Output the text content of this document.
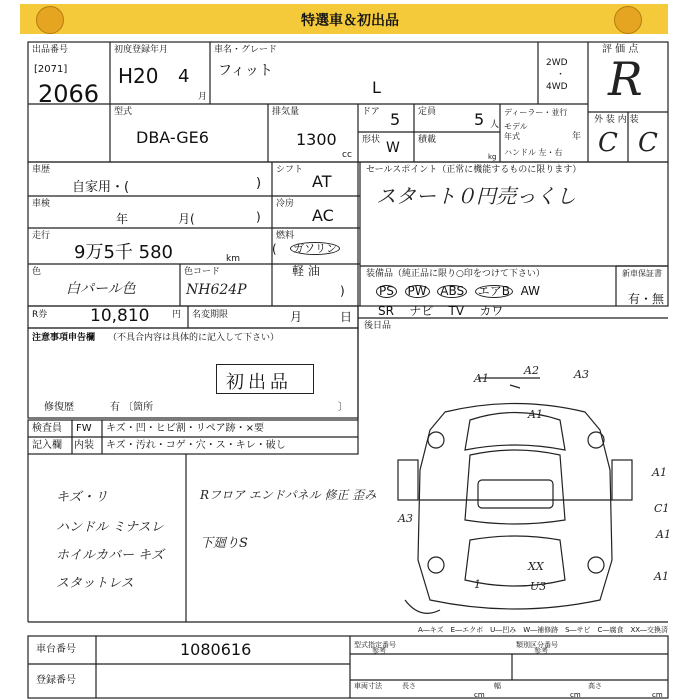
特選車＆初出品
出品番号
[2071]
2066
初度登録年月
H20 4
月
車名・グレード
フィット
L
2WD
・
4WD
評 価 点
R
外 装 内 装
C C
型式
DBA-GE6
排気量
1300
cc
ドア 5 定員 5 人
ディーラー・並行
モデル
年式	年
形状 W 積載
kg ハンドル 左・右
車歴
自家用・(	)
シフト
AT
セールスポイント（正常に機能するものに限ります）
スタート０円売っくし
車検
年	月(	)
冷房
AC
走行
9万5千 580	km
燃料
( ガソリン
軽 油
)
色
白パール色
色コード
NH624P
装備品（純正品に限り○印をつけて下さい）
PS PW ABS エアB AW
SR ナビ TV カワ
新車保証書
有・無
R券	10,810	円 名変期限	月	日
後日品
注意事項申告欄 （不具合内容は具体的に記入して下さい）
初出品
修復歴	有 〔箇所	〕
検査員
記入欄
FW キズ・凹・ヒビ割・リペア跡・×要
内装 キズ・汚れ・コゲ・穴・ス・キレ・破し
キズ・リ
ハンドル ミナスレ
ホイルカバー キズ
スタットレス
Rフロア エンドパネル 修正 歪み
下廻りS
A1
A2	A3
A1
A1
C1
A3
A1
A1
XX
U3
1
A―キズ　E―エクボ　U―凹み　W―補修跡　S―サビ　C―腐食　XX―交換済
車台番号	1080616
登録番号
型式指定番号
参考
類別区分番号
参考
車両寸法	長さ
cm
幅
cm
高さ
cm
